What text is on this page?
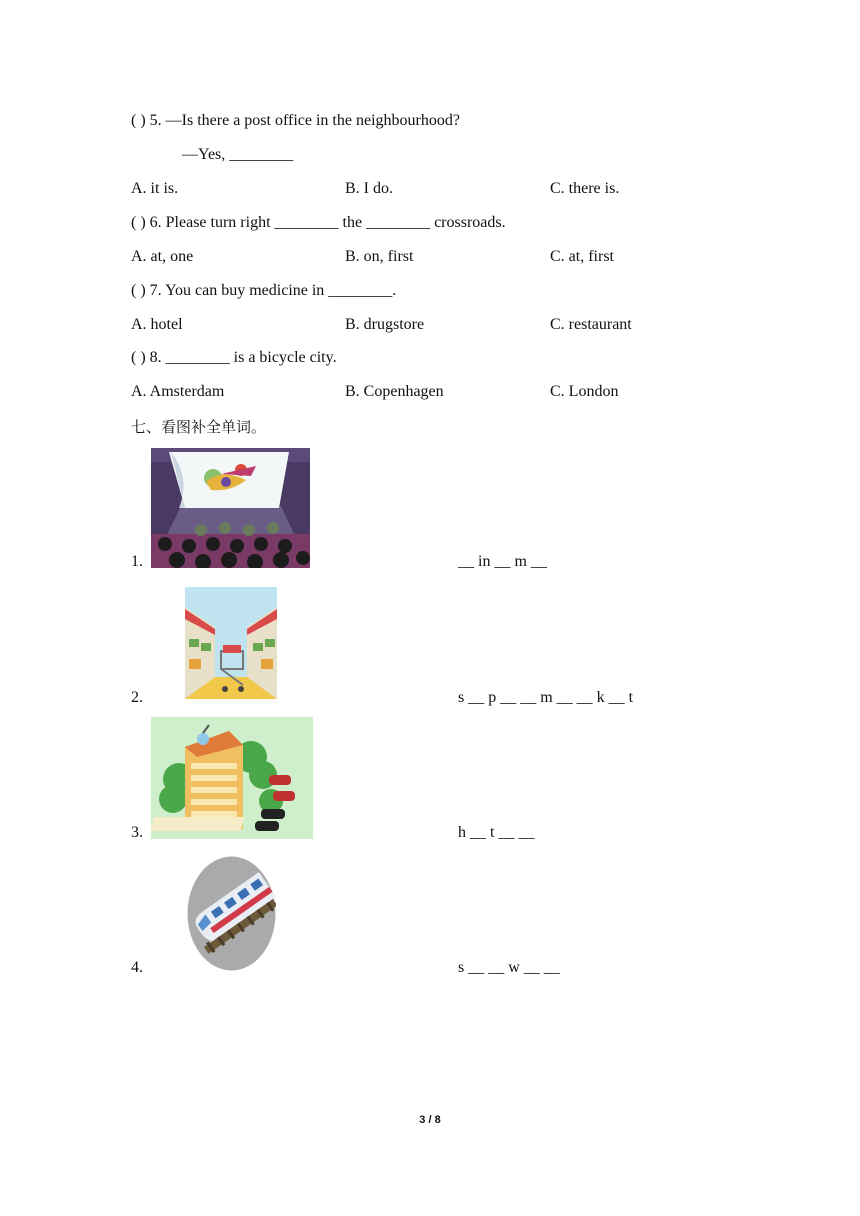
( ) 5. —Is there a post office in the neighbourhood?
—Yes, ________
A. it is.	B. I do.	C. there is.
( ) 6. Please turn right ________ the ________ crossroads.
A. at, one	B. on, first	C. at, first
( ) 7. You can buy medicine in ________.
A. hotel	B. drugstore	C. restaurant
( ) 8. ________ is a bicycle city.
A. Amsterdam	B. Copenhagen	C. London
七、看图补全单词。
1.	__ in __ m __
2.	s __ p __ __ m __ __ k __ t
3.	h __ t __ __
4.	s __ __ w __ __
3 / 8
